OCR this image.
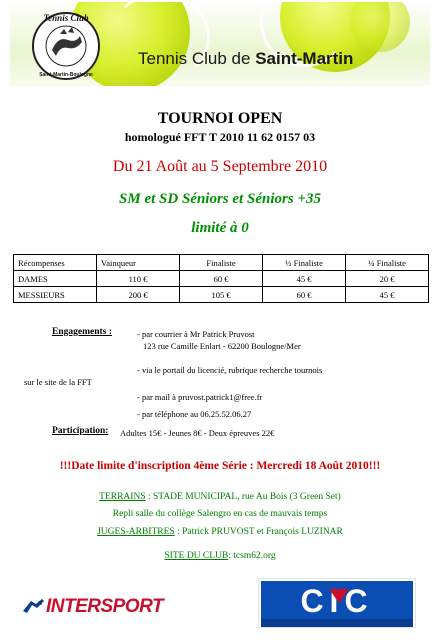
Tennis Club
Saint-Martin-Boulogne
Tennis Club de Saint-Martin
TOURNOI OPEN
homologué FFT T 2010 11 62 0157 03
Du 21 Août au 5 Septembre 2010
SM et SD Séniors et Séniors +35
limité à 0
Récompenses	Vainqueur	Finaliste	½ Finaliste	¼ Finaliste
DAMES	110 €	60 €	45 €	20 €
MESSIEURS	200 €	105 €	60 €	45 €
Engagements :	- par courrier à Mr Patrick Pruvost
123 rue Camille Enlart - 62200 Boulogne/Mer
- via le portail du licencié, rubrique recherche tournois
sur le site de la FFT
- par mail à pruvost.patrick1@free.fr
- par téléphone au 06.25.52.06.27
Participation: Adultes 15€ - Jeunes 8€ - Deux épreuves 22€
!!!Date limite d'inscription 4ème Série : Mercredi 18 Août 2010!!!
TERRAINS : STADE MUNICIPAL, rue Au Bois (3 Green Set)
Repli salle du collège Salengro en cas de mauvais temps
JUGES-ARBITRES : Patrick PRUVOST et François LUZINAR
SITE DU CLUB: tcsm62.org
INTERSPORT	CIC
